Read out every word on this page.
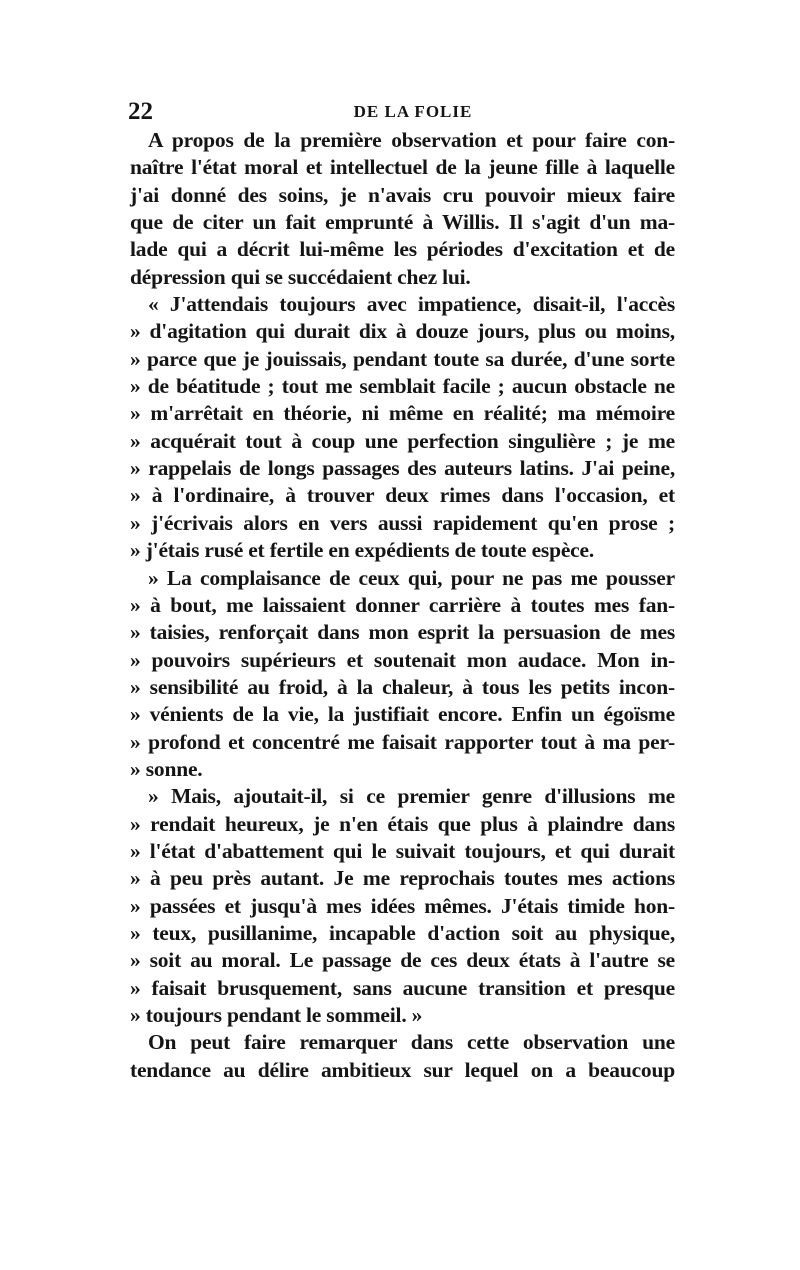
22	DE LA FOLIE
A propos de la première observation et pour faire con-
naître l'état moral et intellectuel de la jeune fille à laquelle
j'ai donné des soins, je n'avais cru pouvoir mieux faire
que de citer un fait emprunté à Willis. Il s'agit d'un ma-
lade qui a décrit lui-même les périodes d'excitation et de
dépression qui se succédaient chez lui.
« J'attendais toujours avec impatience, disait-il, l'accès
» d'agitation qui durait dix à douze jours, plus ou moins,
» parce que je jouissais, pendant toute sa durée, d'une sorte
» de béatitude ; tout me semblait facile ; aucun obstacle ne
» m'arrêtait en théorie, ni même en réalité; ma mémoire
» acquérait tout à coup une perfection singulière ; je me
» rappelais de longs passages des auteurs latins. J'ai peine,
» à l'ordinaire, à trouver deux rimes dans l'occasion, et
» j'écrivais alors en vers aussi rapidement qu'en prose ;
» j'étais rusé et fertile en expédients de toute espèce.
» La complaisance de ceux qui, pour ne pas me pousser
» à bout, me laissaient donner carrière à toutes mes fan-
» taisies, renforçait dans mon esprit la persuasion de mes
» pouvoirs supérieurs et soutenait mon audace. Mon in-
» sensibilité au froid, à la chaleur, à tous les petits incon-
» vénients de la vie, la justifiait encore. Enfin un égoïsme
» profond et concentré me faisait rapporter tout à ma per-
» sonne.
» Mais, ajoutait-il, si ce premier genre d'illusions me
» rendait heureux, je n'en étais que plus à plaindre dans
» l'état d'abattement qui le suivait toujours, et qui durait
» à peu près autant. Je me reprochais toutes mes actions
» passées et jusqu'à mes idées mêmes. J'étais timide hon-
» teux, pusillanime, incapable d'action soit au physique,
» soit au moral. Le passage de ces deux états à l'autre se
» faisait brusquement, sans aucune transition et presque
» toujours pendant le sommeil. »
On peut faire remarquer dans cette observation une
tendance au délire ambitieux sur lequel on a beaucoup
